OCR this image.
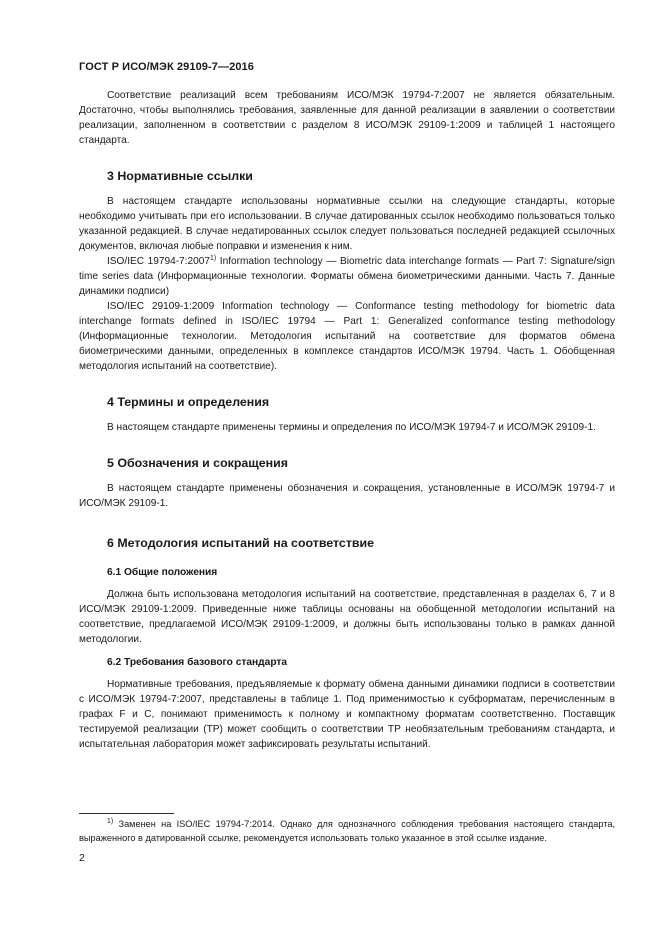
ГОСТ Р ИСО/МЭК 29109-7—2016

Соответствие реализаций всем требованиям ИСО/МЭК 19794-7:2007 не является обязательным. Достаточно, чтобы выполнялись требования, заявленные для данной реализации в заявлении о соответствии реализации, заполненном в соответствии с разделом 8 ИСО/МЭК 29109-1:2009 и таблицей 1 настоящего стандарта.

3 Нормативные ссылки

В настоящем стандарте использованы нормативные ссылки на следующие стандарты, которые необходимо учитывать при его использовании. В случае датированных ссылок необходимо пользоваться только указанной редакцией. В случае недатированных ссылок следует пользоваться последней редакцией ссылочных документов, включая любые поправки и изменения к ним.

ISO/IEC 19794-7:2007$^{1)}$ Information technology — Biometric data interchange formats — Part 7: Signature/sign time series data (Информационные технологии. Форматы обмена биометрическими данными. Часть 7. Данные динамики подписи)

ISO/IEC 29109-1:2009 Information technology — Conformance testing methodology for biometric data interchange formats defined in ISO/IEC 19794 — Part 1: Generalized conformance testing methodology (Информационные технологии. Методология испытаний на соответствие для форматов обмена биометрическими данными, определенных в комплексе стандартов ИСО/МЭК 19794. Часть 1. Обобщенная методология испытаний на соответствие).

4 Термины и определения

В настоящем стандарте применены термины и определения по ИСО/МЭК 19794-7 и ИСО/МЭК 29109-1.

5 Обозначения и сокращения

В настоящем стандарте применены обозначения и сокращения, установленные в ИСО/МЭК 19794-7 и ИСО/МЭК 29109-1.

6 Методология испытаний на соответствие
6.1 Общие положения

Должна быть использована методология испытаний на соответствие, представленная в разделах 6, 7 и 8 ИСО/МЭК 29109-1:2009. Приведенные ниже таблицы основаны на обобщенной методологии испытаний на соответствие, предлагаемой ИСО/МЭК 29109-1:2009, и должны быть использованы только в рамках данной методологии.

6.2 Требования базового стандарта

Нормативные требования, предъявляемые к формату обмена данными динамики подписи в соответствии с ИСО/МЭК 19794-7:2007, представлены в таблице 1. Под применимостью к субформатам, перечисленным в графах F и C, понимают применимость к полному и компактному форматам соответственно. Поставщик тестируемой реализации (ТР) может сообщить о соответствии ТР необязательным требованиям стандарта, и испытательная лаборатория может зафиксировать результаты испытаний.

$^{1)}$ Заменен на ISO/IEC 19794-7:2014. Однако для однозначного соблюдения требования настоящего стандарта, выраженного в датированной ссылке, рекомендуется использовать только указанное в этой ссылке издание.
2
